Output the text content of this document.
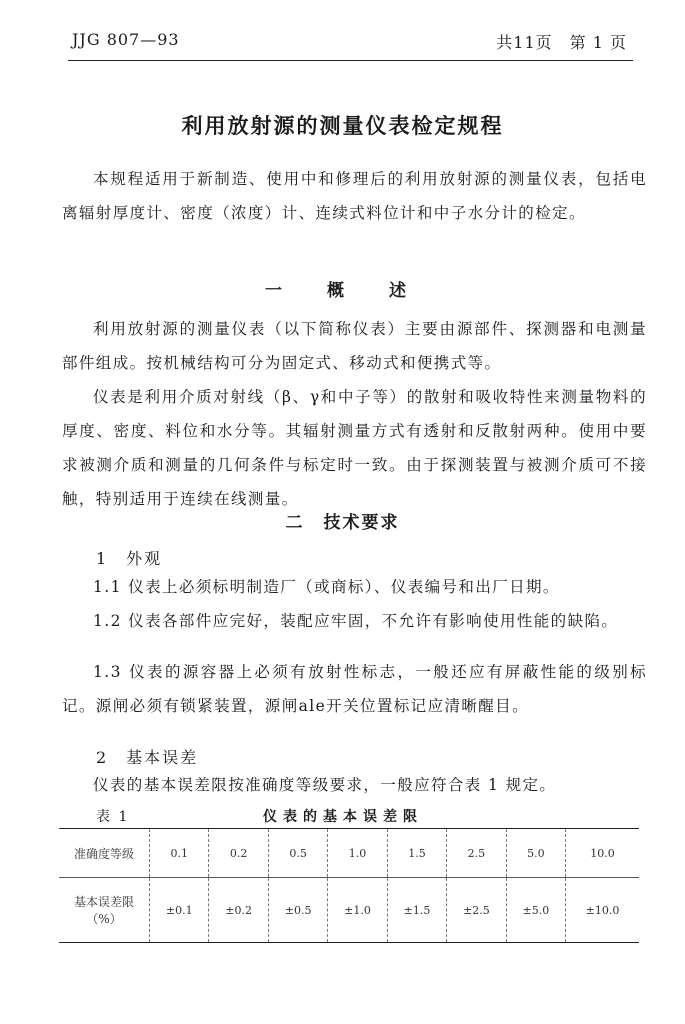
JJG 807—93	共11页　第 1 页
利用放射源的测量仪表检定规程
本规程适用于新制造、使用中和修理后的利用放射源的测量仪表，包括电离辐射厚度计、密度（浓度）计、连续式料位计和中子水分计的检定。
一　概　述
利用放射源的测量仪表（以下简称仪表）主要由源部件、探测器和电测量部件组成。按机械结构可分为固定式、移动式和便携式等。
仪表是利用介质对射线（β、γ和中子等）的散射和吸收特性来测量物料的厚度、密度、料位和水分等。其辐射测量方式有透射和反散射两种。使用中要求被测介质和测量的几何条件与标定时一致。由于探测装置与被测介质可不接触，特别适用于连续在线测量。
二　技术要求
1　外观
1.1 仪表上必须标明制造厂（或商标）、仪表编号和出厂日期。
1.2 仪表各部件应完好，装配应牢固，不允许有影响使用性能的缺陷。
1.3 仪表的源容器上必须有放射性标志，一般还应有屏蔽性能的级别标记。源闸必须有锁紧装置，源闸ale开关位置标记应清晰醒目。
2　基本误差
仪表的基本误差限按准确度等级要求，一般应符合表 1 规定。
表 1	仪表的基本误差限
准确度等级	0.1	0.2	0.5	1.0	1.5	2.5	5.0	10.0

基本误差限
（%）	±0.1	±0.2	±0.5	±1.0	±1.5	±2.5	±5.0	±10.0
